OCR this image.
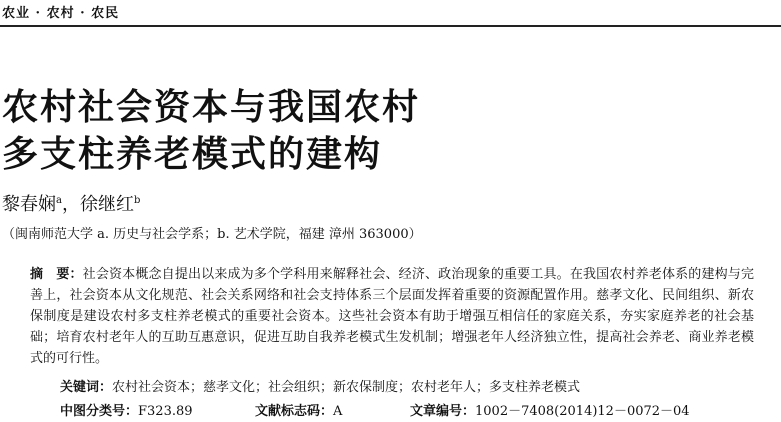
农业 · 农村 · 农民
农村社会资本与我国农村
多支柱养老模式的建构
黎春娴$^a$，徐继红$^b$
（闽南师范大学 a. 历史与社会学系；b. 艺术学院，福建 漳州 363000）
摘　要：社会资本概念自提出以来成为多个学科用来解释社会、经济、政治现象的重要工具。在我国农村养老体系的建构与完善上，社会资本从文化规范、社会关系网络和社会支持体系三个层面发挥着重要的资源配置作用。慈孝文化、民间组织、新农保制度是建设农村多支柱养老模式的重要社会资本。这些社会资本有助于增强互相信任的家庭关系，夯实家庭养老的社会基础；培育农村老年人的互助互惠意识，促进互助自我养老模式生发机制；增强老年人经济独立性，提高社会养老、商业养老模式的可行性。
关键词：农村社会资本；慈孝文化；社会组织；新农保制度；农村老年人；多支柱养老模式
中图分类号：F323.89	文献标志码：A	文章编号：1002－7408(2014)12－0072－04
